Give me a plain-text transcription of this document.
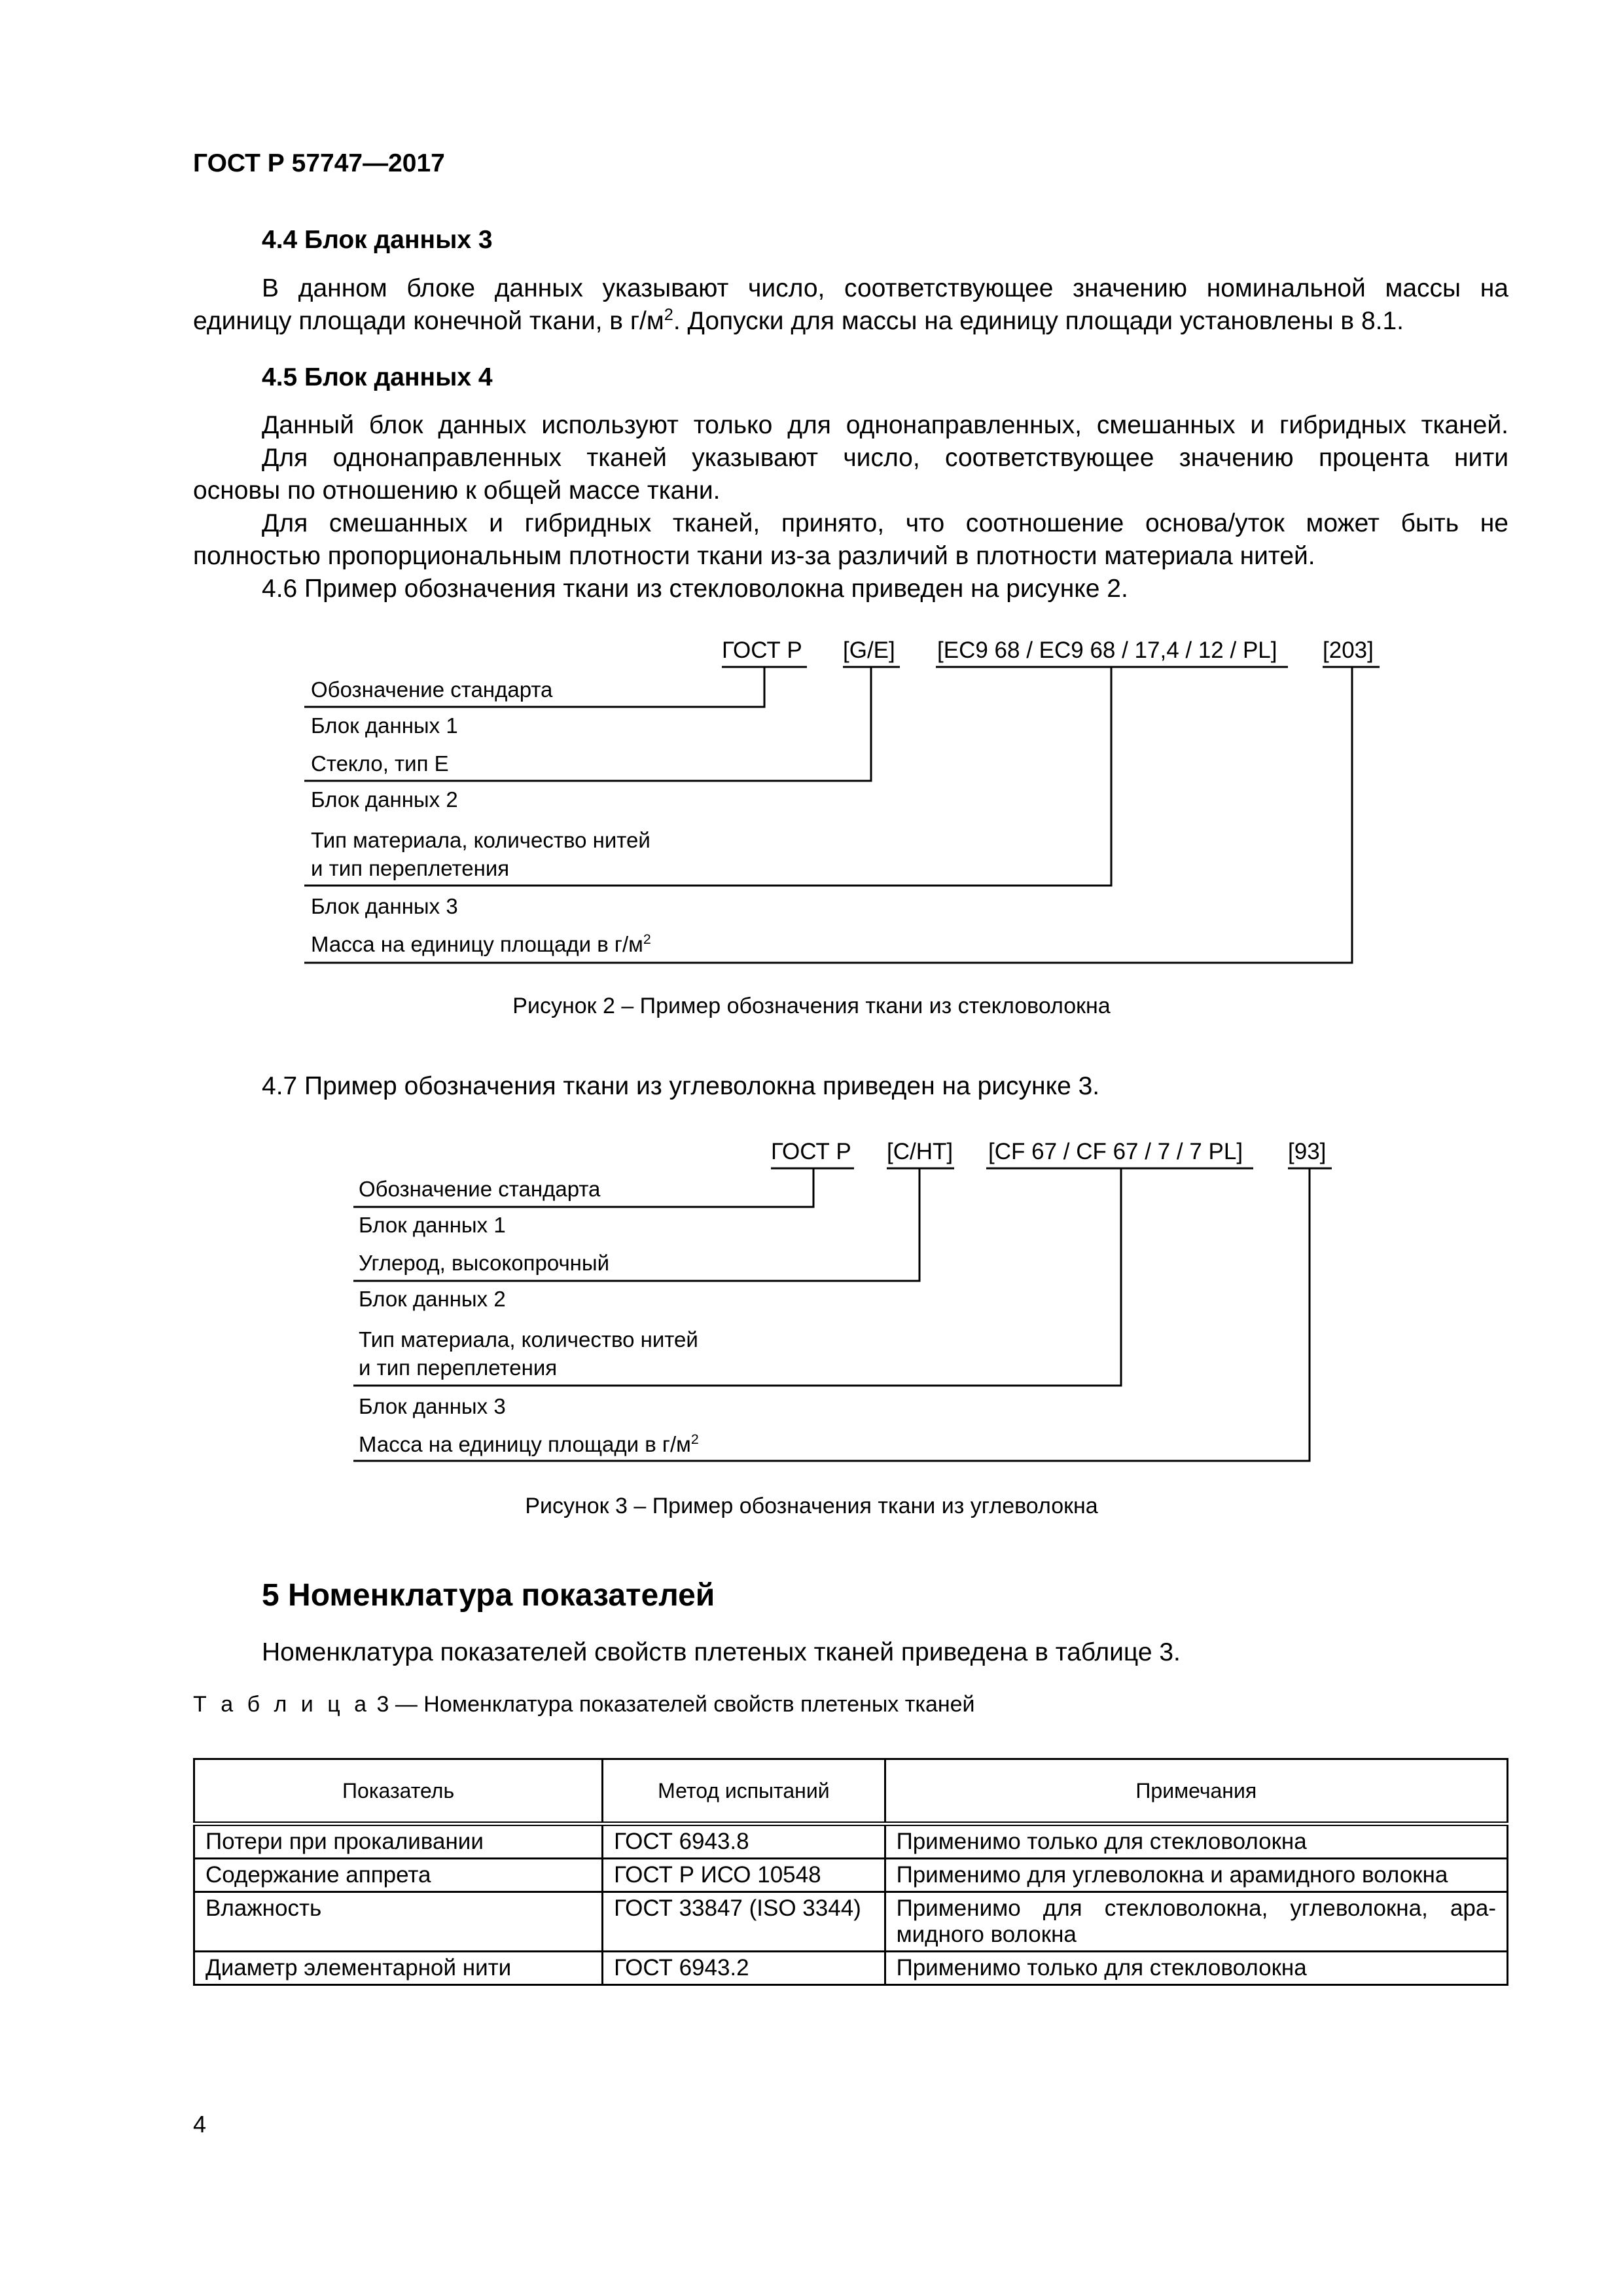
ГОСТ Р 57747—2017
4.4 Блок данных 3
В данном блоке данных указывают число, соответствующее значению номинальной массы на
единицу площади конечной ткани, в $г/м^2$. Допуски для массы на единицу площади установлены в 8.1.
4.5 Блок данных 4
Данный блок данных используют только для однонаправленных, смешанных и гибридных тканей.
Для однонаправленных тканей указывают число, соответствующее значению процента нити
основы по отношению к общей массе ткани.
Для смешанных и гибридных тканей, принято, что соотношение основа/уток может быть не
полностью пропорциональным плотности ткани из-за различий в плотности материала нитей.
4.6 Пример обозначения ткани из стекловолокна приведен на рисунке 2.
ГОСТ Р [G/E] [EC9 68 / EC9 68 / 17,4 / 12 / PL] [203]
Обозначение стандарта
Блок данных 1
Стекло, тип Е
Блок данных 2
Тип материала, количество нитей
и тип переплетения
Блок данных 3
Масса на единицу площади в $г/м^2$
Рисунок 2 – Пример обозначения ткани из стекловолокна
4.7 Пример обозначения ткани из углеволокна приведен на рисунке 3.
ГОСТ Р [C/HT] [CF 67 / CF 67 / 7 / 7 PL] [93]
Обозначение стандарта
Блок данных 1
Углерод, высокопрочный
Блок данных 2
Тип материала, количество нитей
и тип переплетения
Блок данных 3
Масса на единицу площади в $г/м^2$
Рисунок 3 – Пример обозначения ткани из углеволокна
5 Номенклатура показателей
Номенклатура показателей свойств плетеных тканей приведена в таблице 3.
Т а б л и ц а 3 — Номенклатура показателей свойств плетеных тканей
Показатель	Метод испытаний	Примечания
Потери при прокаливании	ГОСТ 6943.8	Применимо только для стекловолокна
Содержание аппрета	ГОСТ Р ИСО 10548	Применимо для углеволокна и арамидного волокна
Влажность	ГОСТ 33847 (ISO 3344)	Применимо для стекловолокна, углеволокна, ара-мидного волокна
Диаметр элементарной нити	ГОСТ 6943.2	Применимо только для стекловолокна
4
